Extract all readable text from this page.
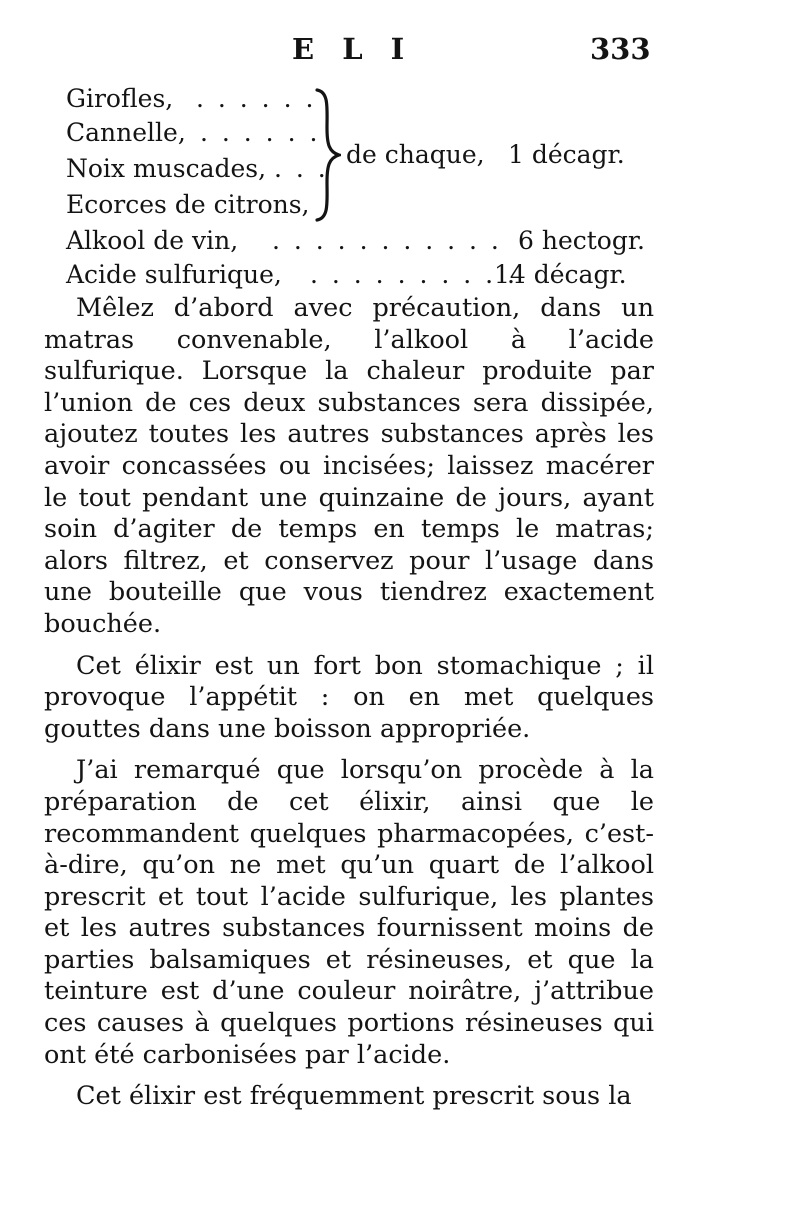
E L I	333
Girofles, . . . . . .
Cannelle, . . . . . .
Noix muscades, . . .
Ecorces de citrons,
de chaque, 1 décagr.
Alkool de vin, . . . . . . . . . . . 6 hectogr.
Acide sulfurique, . . . . . . . . . .
14 décagr.

Mêlez d’abord avec précaution, dans un matras convenable, l’alkool à l’acide sulfurique. Lorsque la chaleur produite par l’union de ces deux substances sera dissipée, ajoutez toutes les autres substances après les avoir concassées ou incisées; laissez macérer le tout pendant une quinzaine de jours, ayant soin d’agiter de temps en temps le matras; alors filtrez, et conservez pour l’usage dans une bouteille que vous tiendrez exactement bouchée.

Cet élixir est un fort bon stomachique ; il provoque l’appétit : on en met quelques gouttes dans une boisson appropriée.

J’ai remarqué que lorsqu’on procède à la préparation de cet élixir, ainsi que le recommandent quelques pharmacopées, c’est-à-dire, qu’on ne met qu’un quart de l’alkool prescrit et tout l’acide sulfurique, les plantes et les autres substances fournissent moins de parties balsamiques et résineuses, et que la teinture est d’une couleur noirâtre, j’attribue ces causes à quelques portions résineuses qui ont été carbonisées par l’acide.

Cet élixir est fréquemment prescrit sous la
